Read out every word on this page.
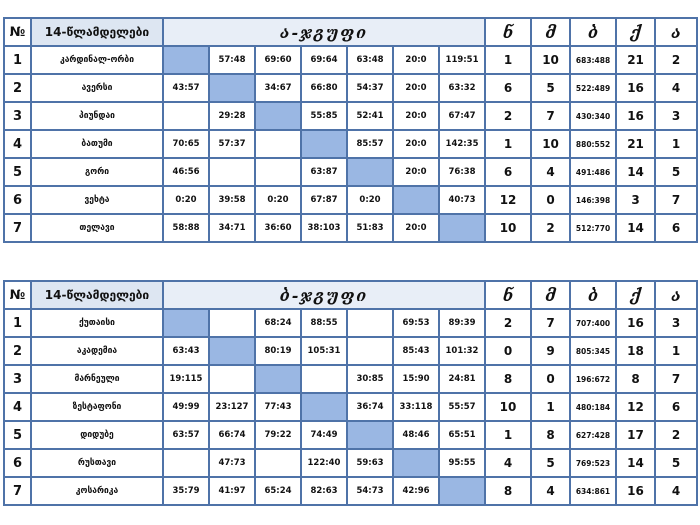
№	14-წლამდელები	ა-ჯგუფი							ნ	მ	ბ	ქ	ა
1	კარდინალ-ორბი		57:48	69:60	69:64	63:48	20:0	119:51	1	10	683:488	21	2
2	ავერსი	43:57		34:67	66:80	54:37	20:0	63:32	6	5	522:489	16	4
3	პიუნდაი		29:28		55:85	52:41	20:0	67:47	2	7	430:340	16	3
4	ბათუმი	70:65	57:37			85:57	20:0	142:35	1	10	880:552	21	1
5	გორი	46:56			63:87		20:0	76:38	6	4	491:486	14	5
6	ვეხტა	0:20	39:58	0:20	67:87	0:20		40:73	12	0	146:398	3	7
7	თელავი	58:88	34:71	36:60	38:103	51:83	20:0		10	2	512:770	14	6
№	14-წლამდელები	ბ-ჯგუფი							ნ	მ	ბ	ქ	ა
1	ქუთაისი			68:24	88:55		69:53	89:39	2	7	707:400	16	3
2	აკადემია	63:43		80:19	105:31		85:43	101:32	0	9	805:345	18	1
3	მარნეული	19:115				30:85	15:90	24:81	8	0	196:672	8	7
4	ზესტაფონი	49:99	23:127	77:43		36:74	33:118	55:57	10	1	480:184	12	6
5	დიდუბე	63:57	66:74	79:22	74:49		48:46	65:51	1	8	627:428	17	2
6	რუსთავი		47:73		122:40	59:63		95:55	4	5	769:523	14	5
7	კოსარიკა	35:79	41:97	65:24	82:63	54:73	42:96		8	4	634:861	16	4
